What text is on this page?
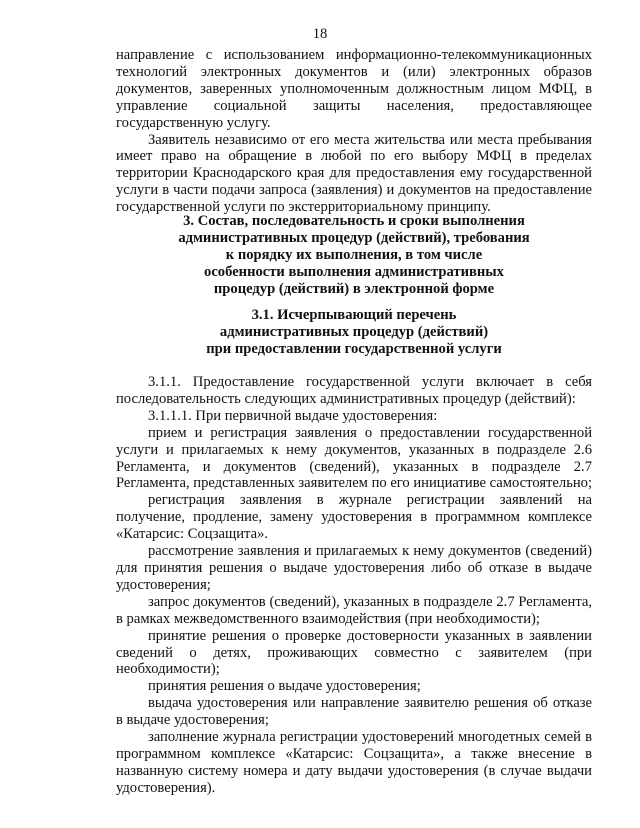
18

направление с использованием информационно-телекоммуникационных технологий электронных документов и (или) электронных образов документов, заверенных уполномоченным должностным лицом МФЦ, в управление социальной защиты населения, предоставляющее государственную услугу.

Заявитель независимо от его места жительства или места пребывания имеет право на обращение в любой по его выбору МФЦ в пределах территории Краснодарского края для предоставления ему государственной услуги в части подачи запроса (заявления) и документов на предоставление государственной услуги по экстерриториальному принципу.

3. Состав, последовательность и сроки выполнения
административных процедур (действий), требования
к порядку их выполнения, в том числе
особенности выполнения административных
процедур (действий) в электронной форме
3.1. Исчерпывающий перечень
административных процедур (действий)
при предоставлении государственной услуги

3.1.1. Предоставление государственной услуги включает в себя последовательность следующих административных процедур (действий):

3.1.1.1. При первичной выдаче удостоверения:

прием и регистрация заявления о предоставлении государственной услуги и прилагаемых к нему документов, указанных в подразделе 2.6 Регламента, и документов (сведений), указанных в подразделе 2.7 Регламента, представленных заявителем по его инициативе самостоятельно;

регистрация заявления в журнале регистрации заявлений на получение, продление, замену удостоверения в программном комплексе «Катарсис: Соцзащита».

рассмотрение заявления и прилагаемых к нему документов (сведений) для принятия решения о выдаче удостоверения либо об отказе в выдаче удостоверения;

запрос документов (сведений), указанных в подразделе 2.7 Регламента, в рамках межведомственного взаимодействия (при необходимости);

принятие решения о проверке достоверности указанных в заявлении сведений о детях, проживающих совместно с заявителем (при необходимости);

принятия решения о выдаче удостоверения;

выдача удостоверения или направление заявителю решения об отказе в выдаче удостоверения;

заполнение журнала регистрации удостоверений многодетных семей в программном комплексе «Катарсис: Соцзащита», а также внесение в названную систему номера и дату выдачи удостоверения (в случае выдачи удостоверения).
